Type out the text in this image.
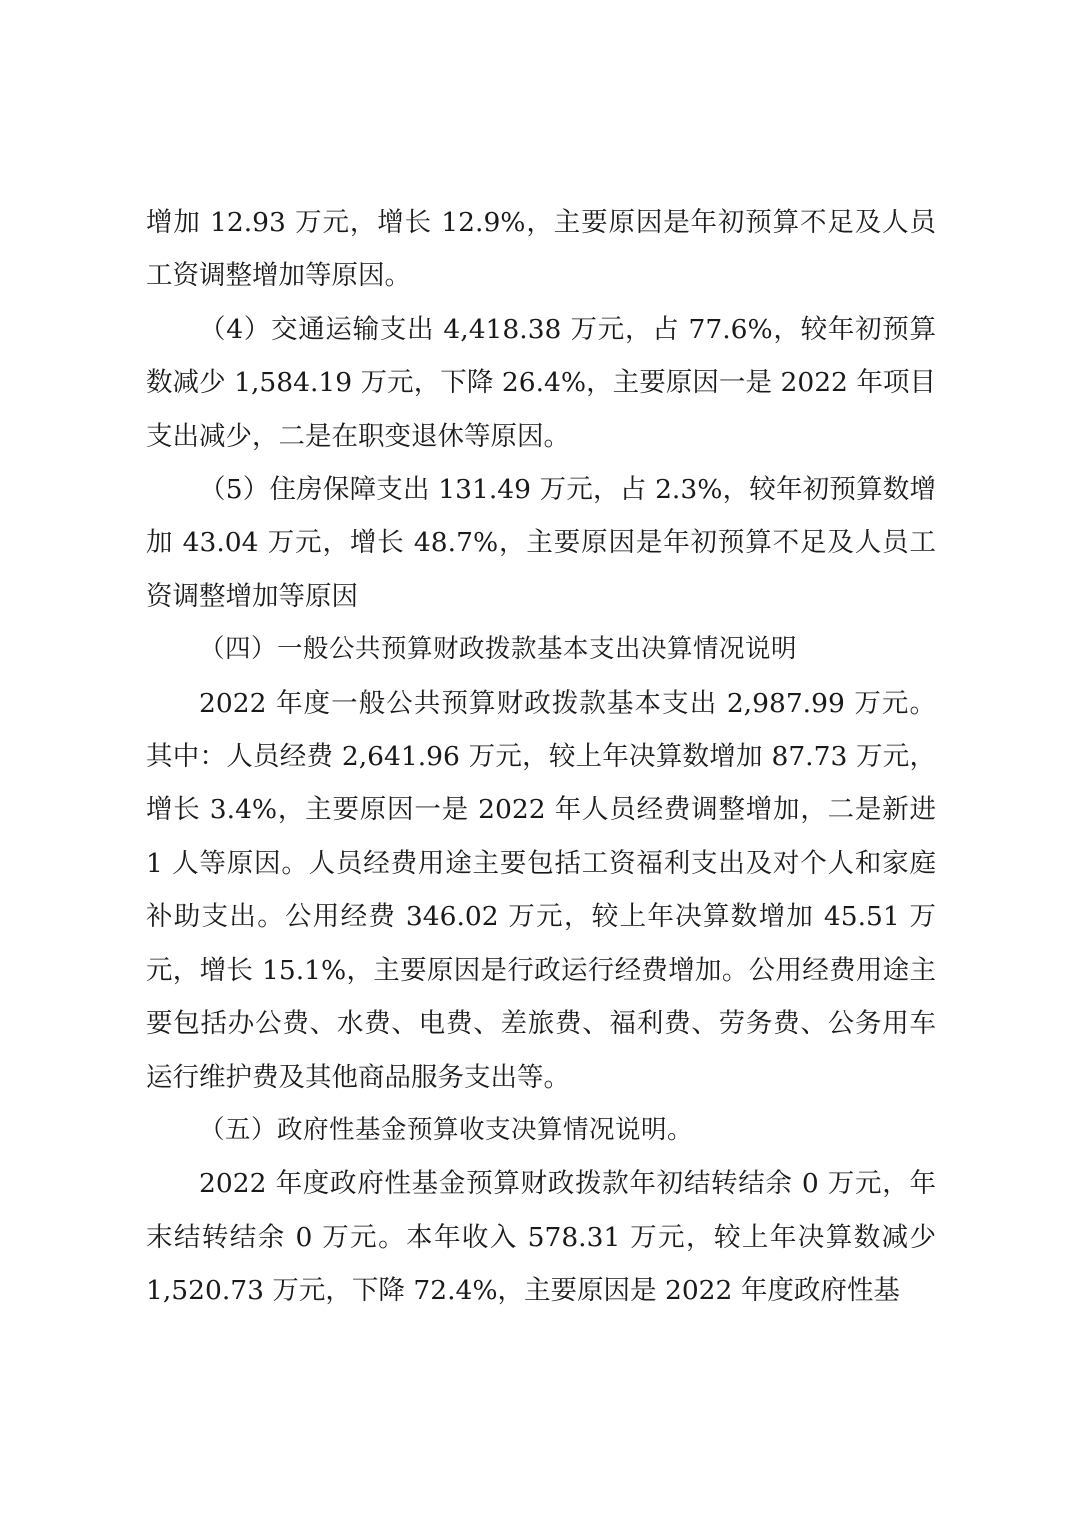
增加 12.93 万元，增长 12.9%，主要原因是年初预算不足及人员工资调整增加等原因。

（4）交通运输支出 4,418.38 万元，占 77.6%，较年初预算数减少 1,584.19 万元，下降 26.4%，主要原因一是 2022 年项目支出减少，二是在职变退休等原因。

（5）住房保障支出 131.49 万元，占 2.3%，较年初预算数增加 43.04 万元，增长 48.7%，主要原因是年初预算不足及人员工资调整增加等原因

（四）一般公共预算财政拨款基本支出决算情况说明

2022 年度一般公共预算财政拨款基本支出 2,987.99 万元。其中：人员经费 2,641.96 万元，较上年决算数增加 87.73 万元，增长 3.4%，主要原因一是 2022 年人员经费调整增加，二是新进 1 人等原因。人员经费用途主要包括工资福利支出及对个人和家庭补助支出。公用经费 346.02 万元，较上年决算数增加 45.51 万元，增长 15.1%，主要原因是行政运行经费增加。公用经费用途主要包括办公费、水费、电费、差旅费、福利费、劳务费、公务用车运行维护费及其他商品服务支出等。

（五）政府性基金预算收支决算情况说明。

2022 年度政府性基金预算财政拨款年初结转结余 0 万元，年末结转结余 0 万元。本年收入 578.31 万元，较上年决算数减少 1,520.73 万元，下降 72.4%，主要原因是 2022 年度政府性基
